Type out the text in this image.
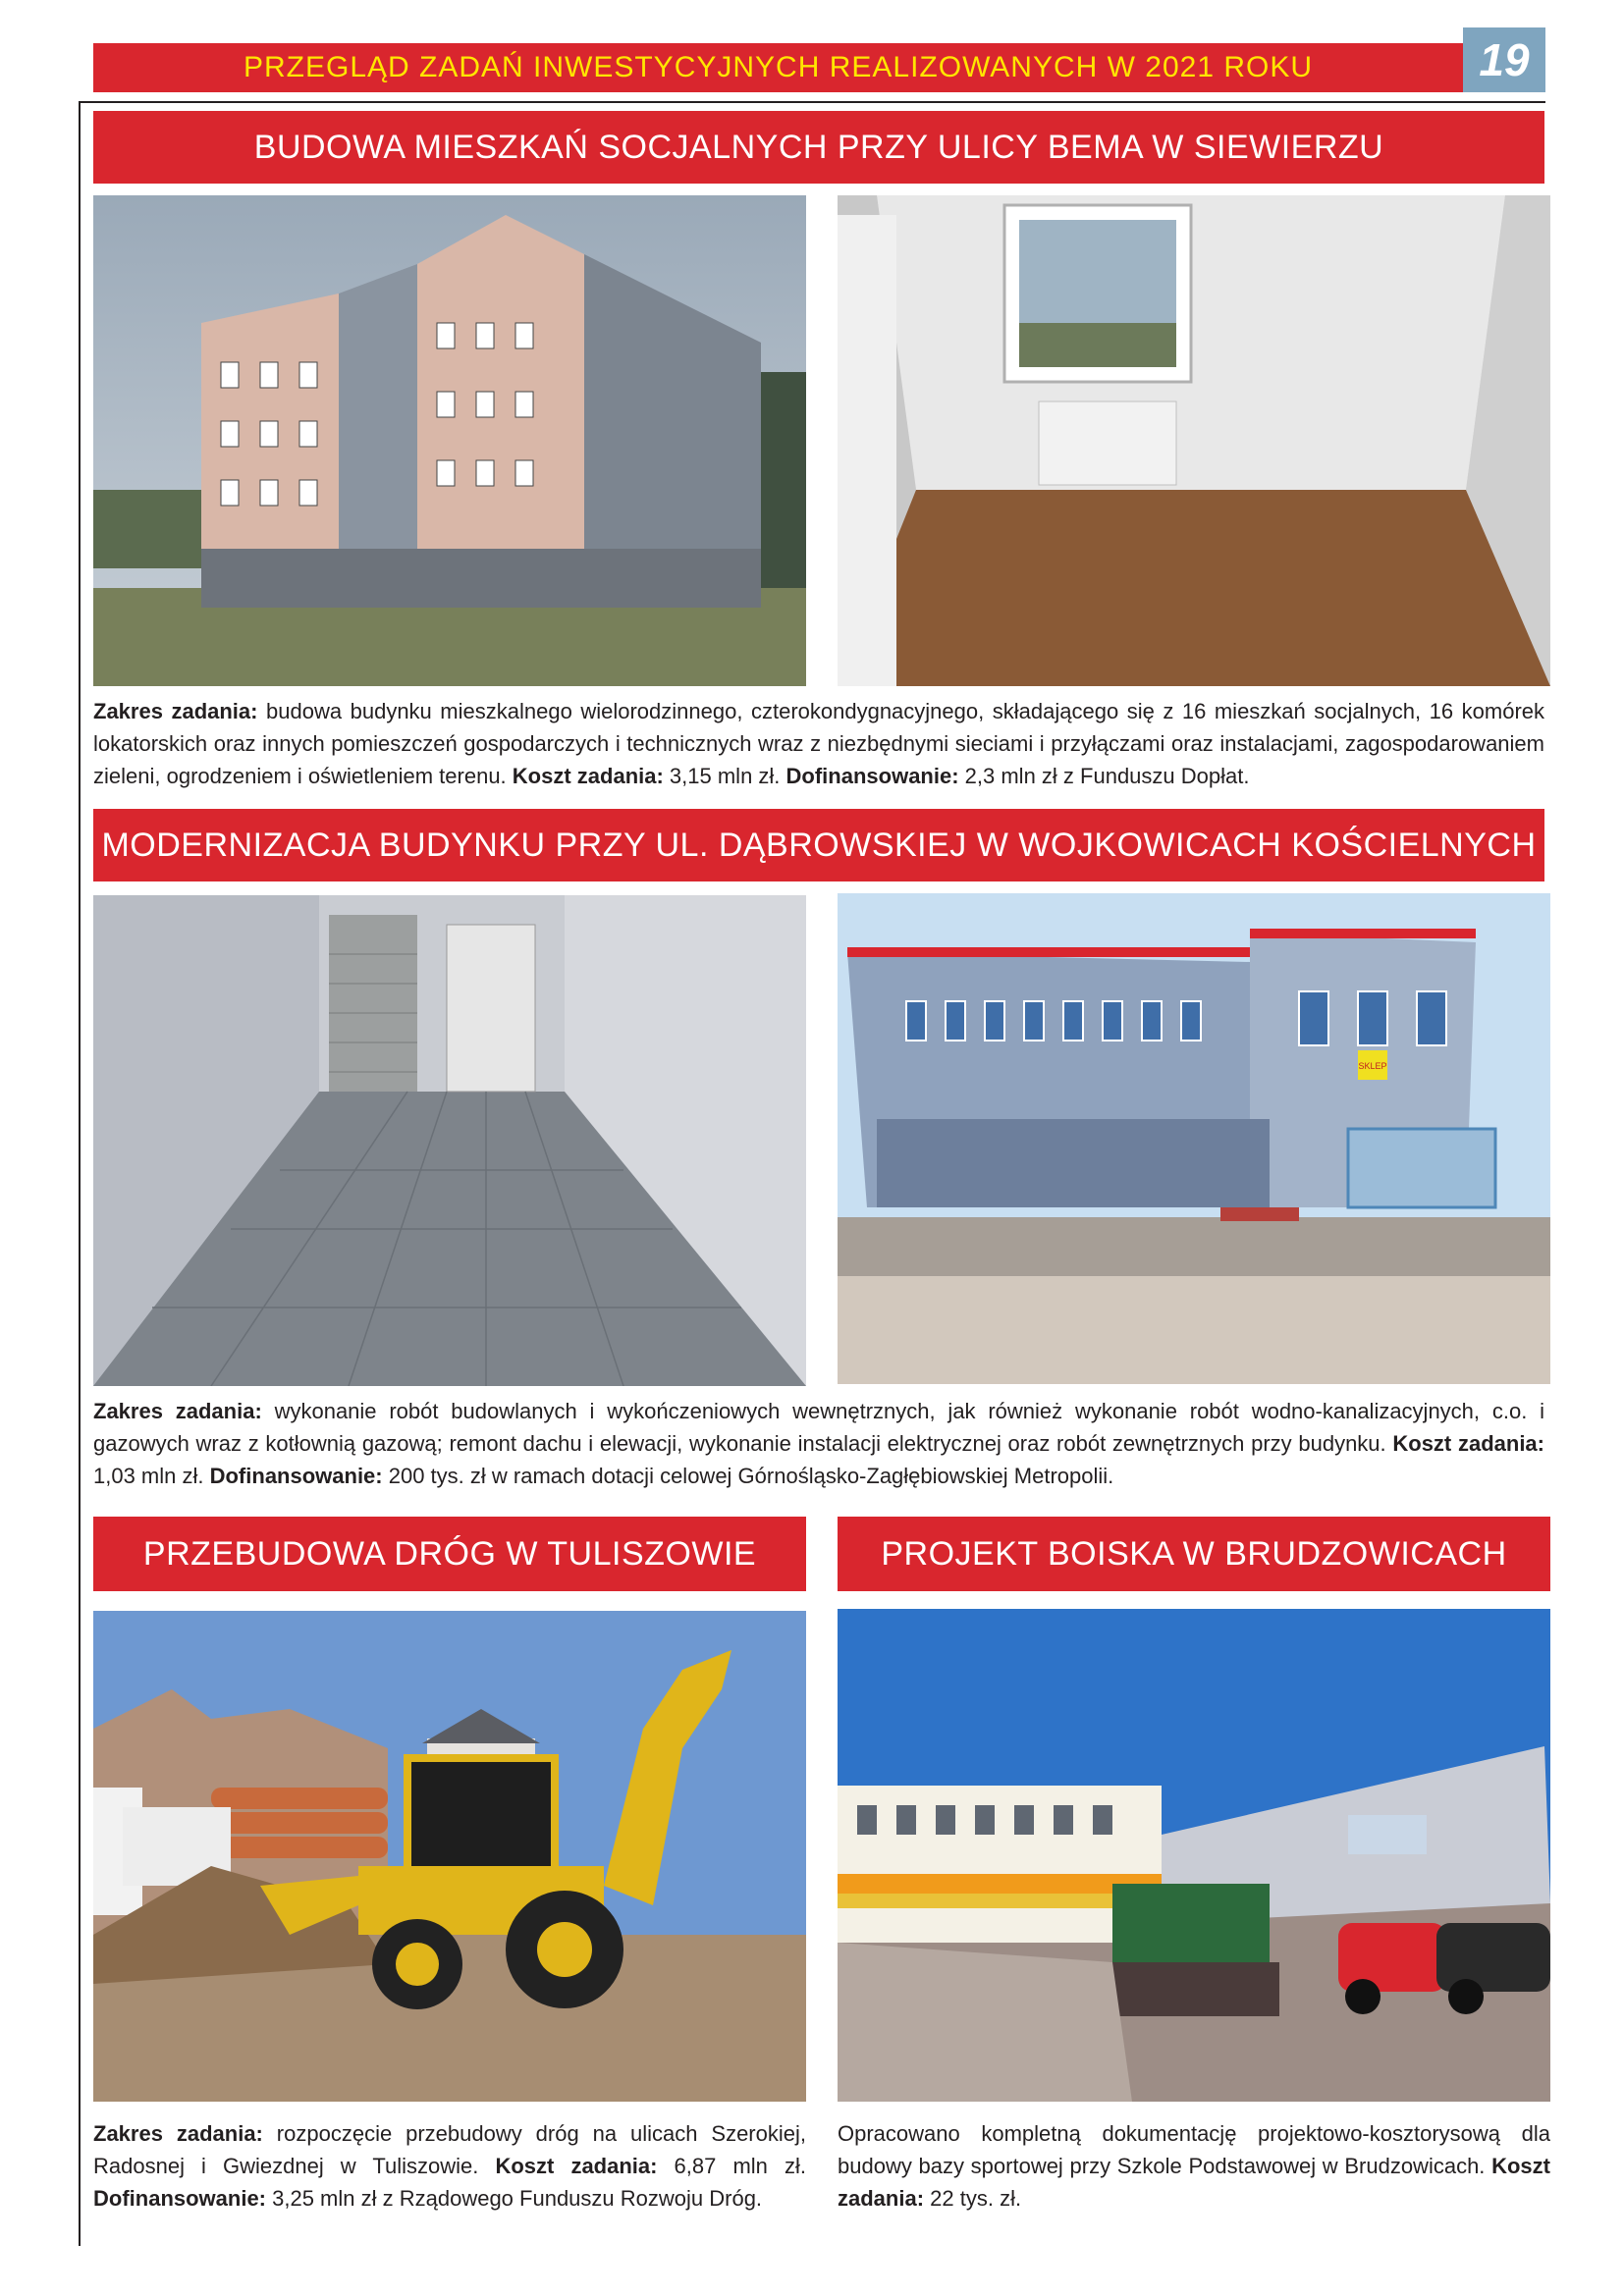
PRZEGLĄD ZADAŃ INWESTYCYJNYCH REALIZOWANYCH W 2021 ROKU	19
BUDOWA MIESZKAŃ SOCJALNYCH PRZY ULICY BEMA W SIEWIERZU
Zakres zadania: budowa budynku mieszkalnego wielorodzinnego, czterokondygnacyjnego, składającego się z 16 mieszkań socjalnych, 16 komórek lokatorskich oraz innych pomieszczeń gospodarczych i technicznych wraz z niezbędnymi sieciami i przyłączami oraz instalacjami, zagospodarowaniem zieleni, ogrodzeniem i oświetleniem terenu. Koszt zadania: 3,15 mln zł. Dofinansowanie: 2,3 mln zł z Funduszu Dopłat.
MODERNIZACJA BUDYNKU PRZY UL. DĄBROWSKIEJ W WOJKOWICACH KOŚCIELNYCH
SKLEP
Zakres zadania: wykonanie robót budowlanych i wykończeniowych wewnętrznych, jak również wykonanie robót wodno-kanalizacyjnych, c.o. i gazowych wraz z kotłownią gazową; remont dachu i elewacji, wykonanie instalacji elektrycznej oraz robót zewnętrznych przy budynku. Koszt zadania: 1,03 mln zł. Dofinansowanie: 200 tys. zł w ramach dotacji celowej Górnośląsko-Zagłębiowskiej Metropolii.
PRZEBUDOWA DRÓG W TULISZOWIE
Zakres zadania: rozpoczęcie przebudowy dróg na ulicach Szerokiej, Radosnej i Gwiezdnej w Tuliszowie. Koszt zadania: 6,87 mln zł. Dofinansowanie: 3,25 mln zł z Rządowego Funduszu Rozwoju Dróg.
PROJEKT BOISKA W BRUDZOWICACH
Opracowano kompletną dokumentację projektowo-kosztorysową dla budowy bazy sportowej przy Szkole Podstawowej w Brudzowicach. Koszt zadania: 22 tys. zł.
